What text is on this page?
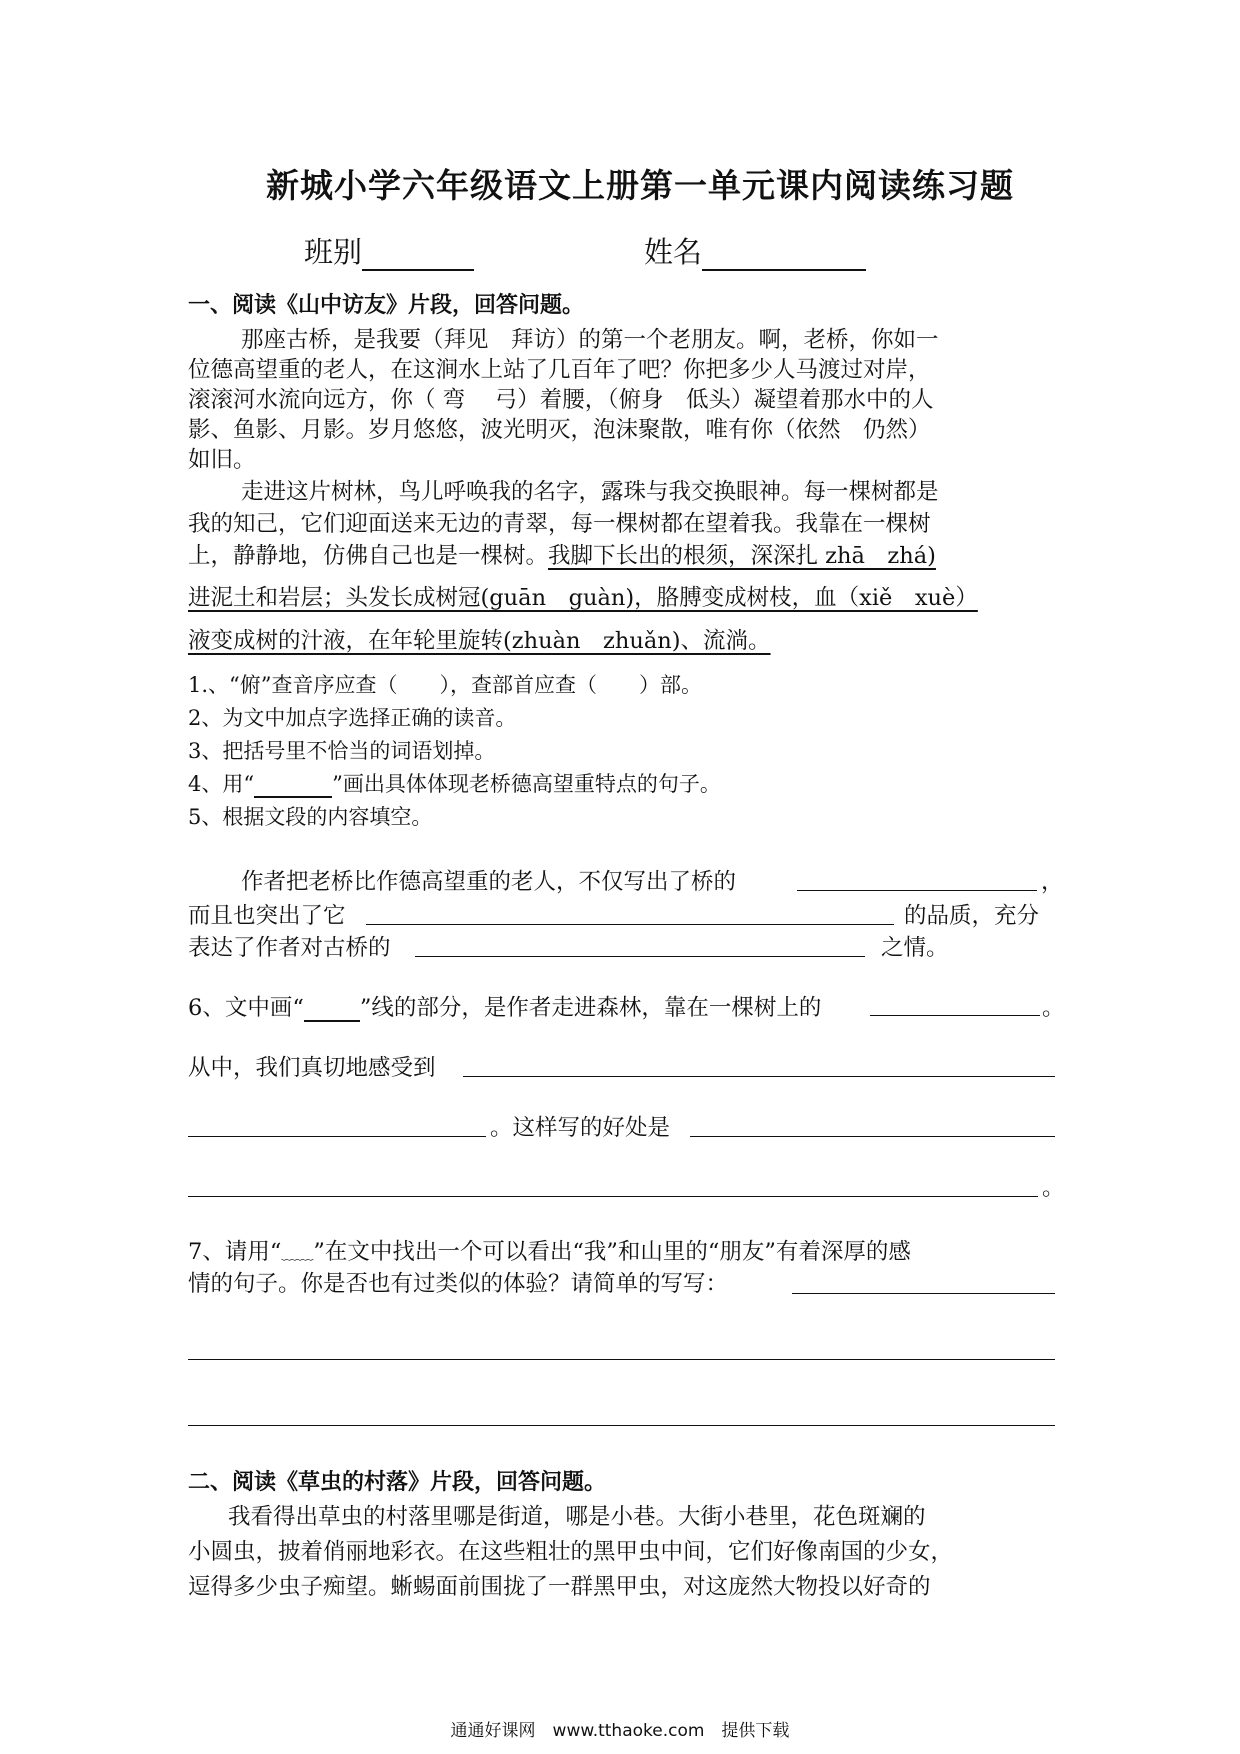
新城小学六年级语文上册第一单元课内阅读练习题
班别	姓名
一、阅读《山中访友》片段，回答问题。
那座古桥，是我要（拜见　拜访）的第一个老朋友。啊，老桥，你如一
位德高望重的老人，在这涧水上站了几百年了吧？你把多少人马渡过对岸，
滚滚河水流向远方，你（ 弯　 弓）着腰，（俯身　低头）凝望着那水中的人
影、鱼影、月影。岁月悠悠，波光明灭，泡沫聚散，唯有你（依然　仍然）
如旧。
走进这片树林，鸟儿呼唤我的名字，露珠与我交换眼神。每一棵树都是
我的知己，它们迎面送来无边的青翠，每一棵树都在望着我。我靠在一棵树
上，静静地，仿佛自己也是一棵树。我脚下长出的根须，深深扎 zhā　zhá)
进泥土和岩层；头发长成树冠(guān　guàn)，胳膊变成树枝，血（xiě　xuè）
液变成树的汁液，在年轮里旋转(zhuàn　zhuǎn)、流淌。
1.、“俯”查音序应查（　　），查部首应查（　　）部。
2、为文中加点字选择正确的读音。
3、把括号里不恰当的词语划掉。
4、用“	”画出具体体现老桥德高望重特点的句子。
5、根据文段的内容填空。
作者把老桥比作德高望重的老人，不仅写出了桥的	，
而且也突出了它	的品质，充分
表达了作者对古桥的	之情。
6、文中画“ ”线的部分，是作者走进森林，靠在一棵树上的	。
从中，我们真切地感受到
。这样写的好处是
。
7、请用“﹏﹏”在文中找出一个可以看出“我”和山里的“朋友”有着深厚的感
情的句子。你是否也有过类似的体验？请简单的写写：
二、阅读《草虫的村落》片段，回答问题。
我看得出草虫的村落里哪是街道，哪是小巷。大街小巷里，花色斑斓的
小圆虫，披着俏丽地彩衣。在这些粗壮的黑甲虫中间，它们好像南国的少女，
逗得多少虫子痴望。蜥蜴面前围拢了一群黑甲虫，对这庞然大物投以好奇的
通通好课网　www.tthaoke.com　提供下载
